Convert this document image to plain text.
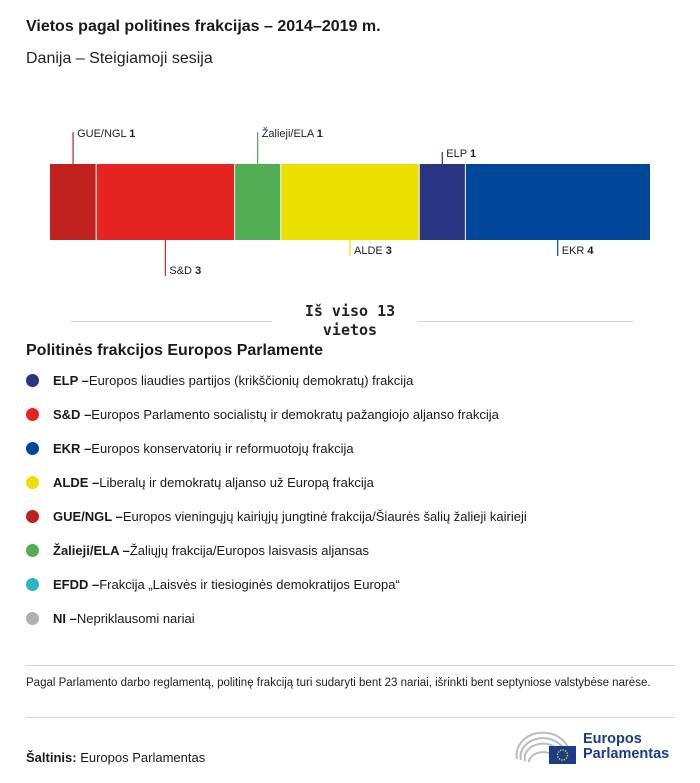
Vietos pagal politines frakcijas – 2014–2019 m.

Danija – Steigiamoji sesija

GUE/NGL 1
S&D 3
Žalieji/ELA 1
ALDE 3
ELP 1
EKR 4
Iš viso 13 vietos
Politinės frakcijos Europos Parlamente
ELP – Europos liaudies partijos (krikščionių demokratų) frakcija
S&D – Europos Parlamento socialistų ir demokratų pažangiojo aljanso frakcija
EKR – Europos konservatorių ir reformuotojų frakcija
ALDE – Liberalų ir demokratų aljanso už Europą frakcija
GUE/NGL – Europos vieningųjų kairiųjų jungtinė frakcija/Šiaurės šalių žalieji kairieji
Žalieji/ELA – Žaliųjų frakcija/Europos laisvasis aljansas
EFDD – Frakcija „Laisvės ir tiesioginės demokratijos Europa“
NI – Nepriklausomi nariai

Pagal Parlamento darbo reglamentą, politinę frakciją turi sudaryti bent 23 nariai, išrinkti bent septyniose valstybėse narėse.

Šaltinis: Europos Parlamentas

Europos
Parlamentas
